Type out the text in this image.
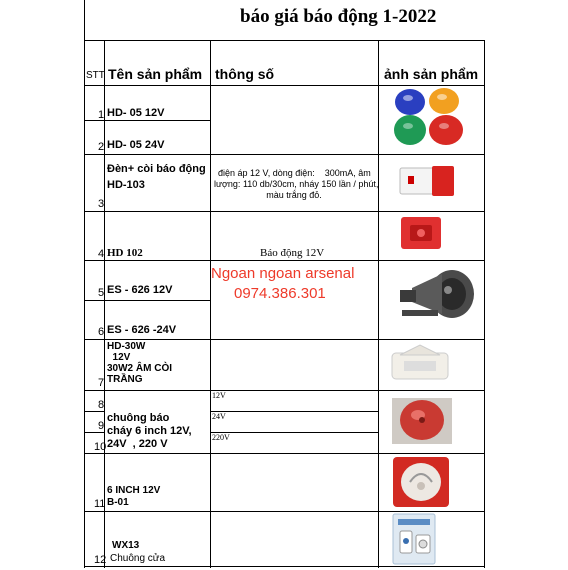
báo giá báo động 1-2022
STT Tên sản phẩm thông số	ảnh sản phẩm
1
2
3
4
5
6
7
8
9
10
11
12
HD- 05 12V
HD- 05 24V
Đèn+ còi báo động
HD-103
HD 102
ES - 626 12V
ES - 626 -24V
HD-30W
12V
30W2 ÂM CÒI
TRẦNG
chuông báo
cháy 6 inch 12V,
24V  , 220 V
6 INCH 12V
B-01
WX13
Chuông cửa
điện áp 12 V, dòng điện:    300mA, âm
lượng: 110 db/30cm, nháy 150 lần / phút,
màu trắng đỏ.
Báo động 12V
12V
24V
220V
Ngoan ngoan arsenal
0974.386.301
